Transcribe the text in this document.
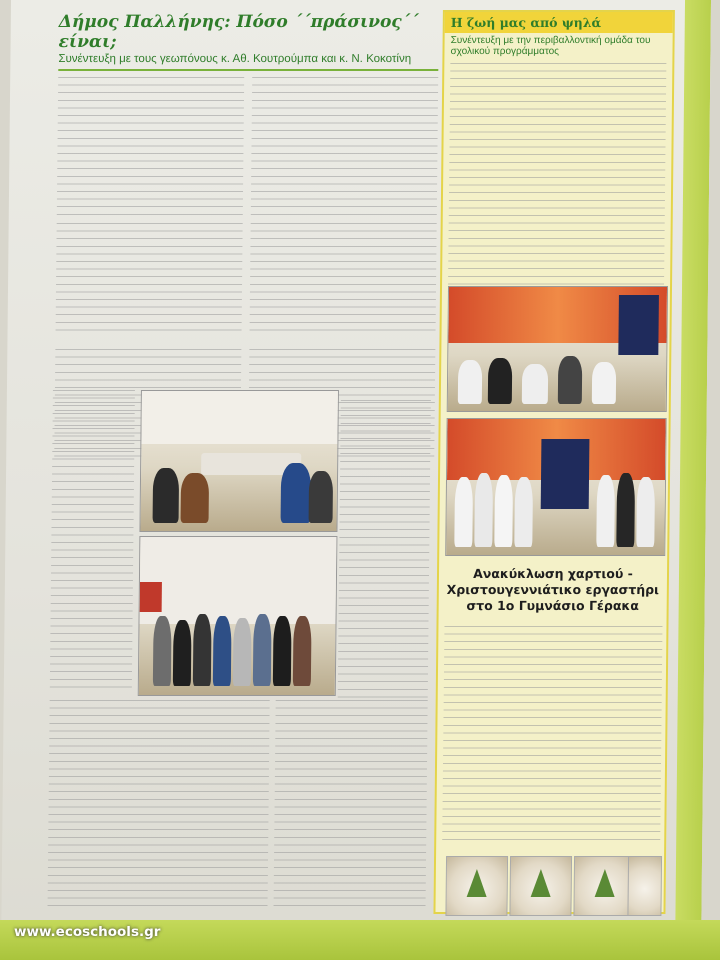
Δήμος Παλλήνης: Πόσο ΄΄πράσινος΄΄ είναι;
Συνέντευξη με τους γεωπόνους κ. Αθ. Κουτρούμπα και κ. Ν. Κοκοτίνη
Η ζωή μας από ψηλά
Συνέντευξη με την περιβαλλοντική ομάδα του σχολικού προγράμματος
Ανακύκλωση χαρτιού - Χριστουγεννιάτικο εργαστήρι στο 1ο Γυμνάσιο Γέρακα
www.ecoschools.gr
